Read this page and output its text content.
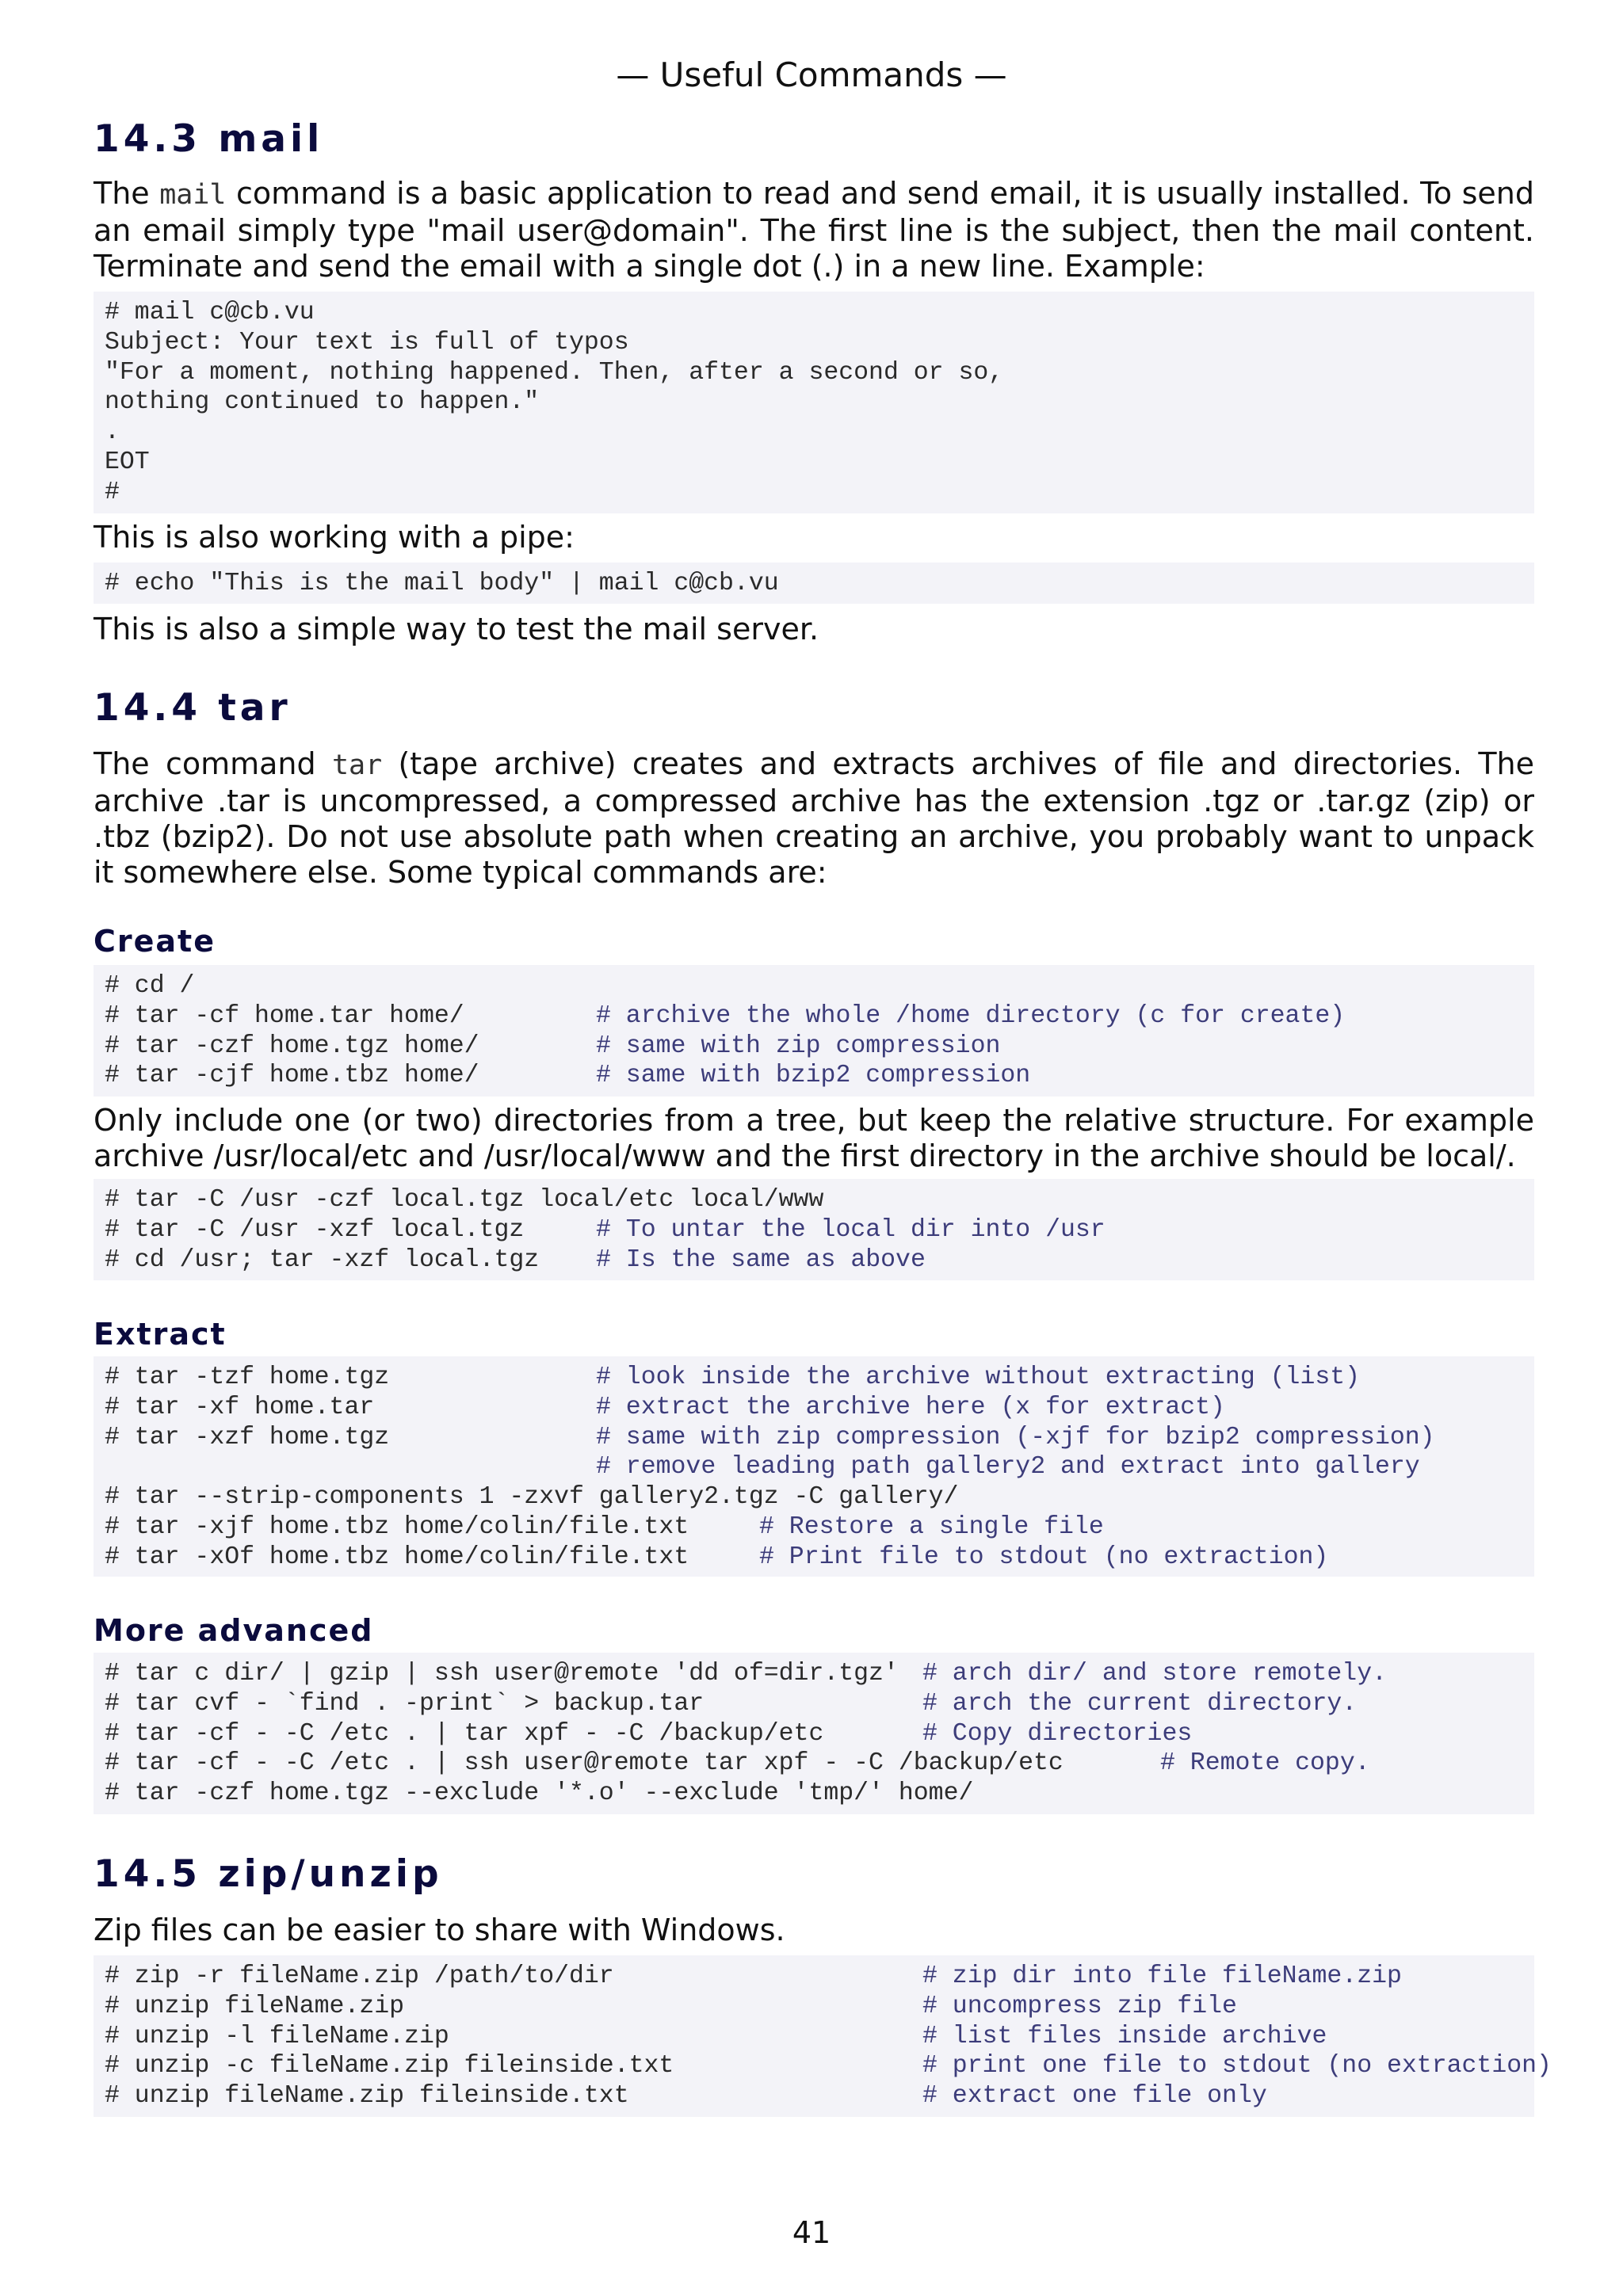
— Useful Commands —
14.3 mail

The mail command is a basic application to read and send email, it is usually installed. To send an email simply type "mail user@domain". The first line is the subject, then the mail content. Terminate and send the email with a single dot (.) in a new line. Example:

# mail c@cb.vu
Subject: Your text is full of typos
"For a moment, nothing happened. Then, after a second or so,
nothing continued to happen."
.
EOT
#

This is also working with a pipe:

# echo "This is the mail body" | mail c@cb.vu

This is also a simple way to test the mail server.

14.4 tar

The command tar (tape archive) creates and extracts archives of file and directories. The archive .tar is uncompressed, a compressed archive has the extension .tgz or .tar.gz (zip) or .tbz (bzip2). Do not use absolute path when creating an archive, you probably want to unpack it somewhere else. Some typical commands are:

Create
# cd /
# tar -cf home.tar home/	# archive the whole /home directory (c for create)
# tar -czf home.tgz home/	# same with zip compression
# tar -cjf home.tbz home/	# same with bzip2 compression

Only include one (or two) directories from a tree, but keep the relative structure. For example archive /usr/local/etc and /usr/local/www and the first directory in the archive should be local/.

# tar -C /usr -czf local.tgz local/etc local/www
# tar -C /usr -xzf local.tgz	# To untar the local dir into /usr
# cd /usr; tar -xzf local.tgz # Is the same as above
Extract
# tar -tzf home.tgz	# look inside the archive without extracting (list)
# tar -xf home.tar	# extract the archive here (x for extract)
# tar -xzf home.tgz	# same with zip compression (-xjf for bzip2 compression)
# remove leading path gallery2 and extract into gallery
# tar --strip-components 1 -zxvf gallery2.tgz -C gallery/
# tar -xjf home.tbz home/colin/file.txt	# Restore a single file
# tar -xOf home.tbz home/colin/file.txt	# Print file to stdout (no extraction)
More advanced
# tar c dir/ | gzip | ssh user@remote 'dd of=dir.tgz' # arch dir/ and store remotely.
# tar cvf - `find . -print` > backup.tar	# arch the current directory.
# tar -cf - -C /etc . | tar xpf - -C /backup/etc	# Copy directories
# tar -cf - -C /etc . | ssh user@remote tar xpf - -C /backup/etc	# Remote copy.
# tar -czf home.tgz --exclude '*.o' --exclude 'tmp/' home/
14.5 zip/unzip

Zip files can be easier to share with Windows.

# zip -r fileName.zip /path/to/dir	# zip dir into file fileName.zip
# unzip fileName.zip	# uncompress zip file
# unzip -l fileName.zip	# list files inside archive
# unzip -c fileName.zip fileinside.txt	# print one file to stdout (no extraction)
# unzip fileName.zip fileinside.txt	# extract one file only
41
